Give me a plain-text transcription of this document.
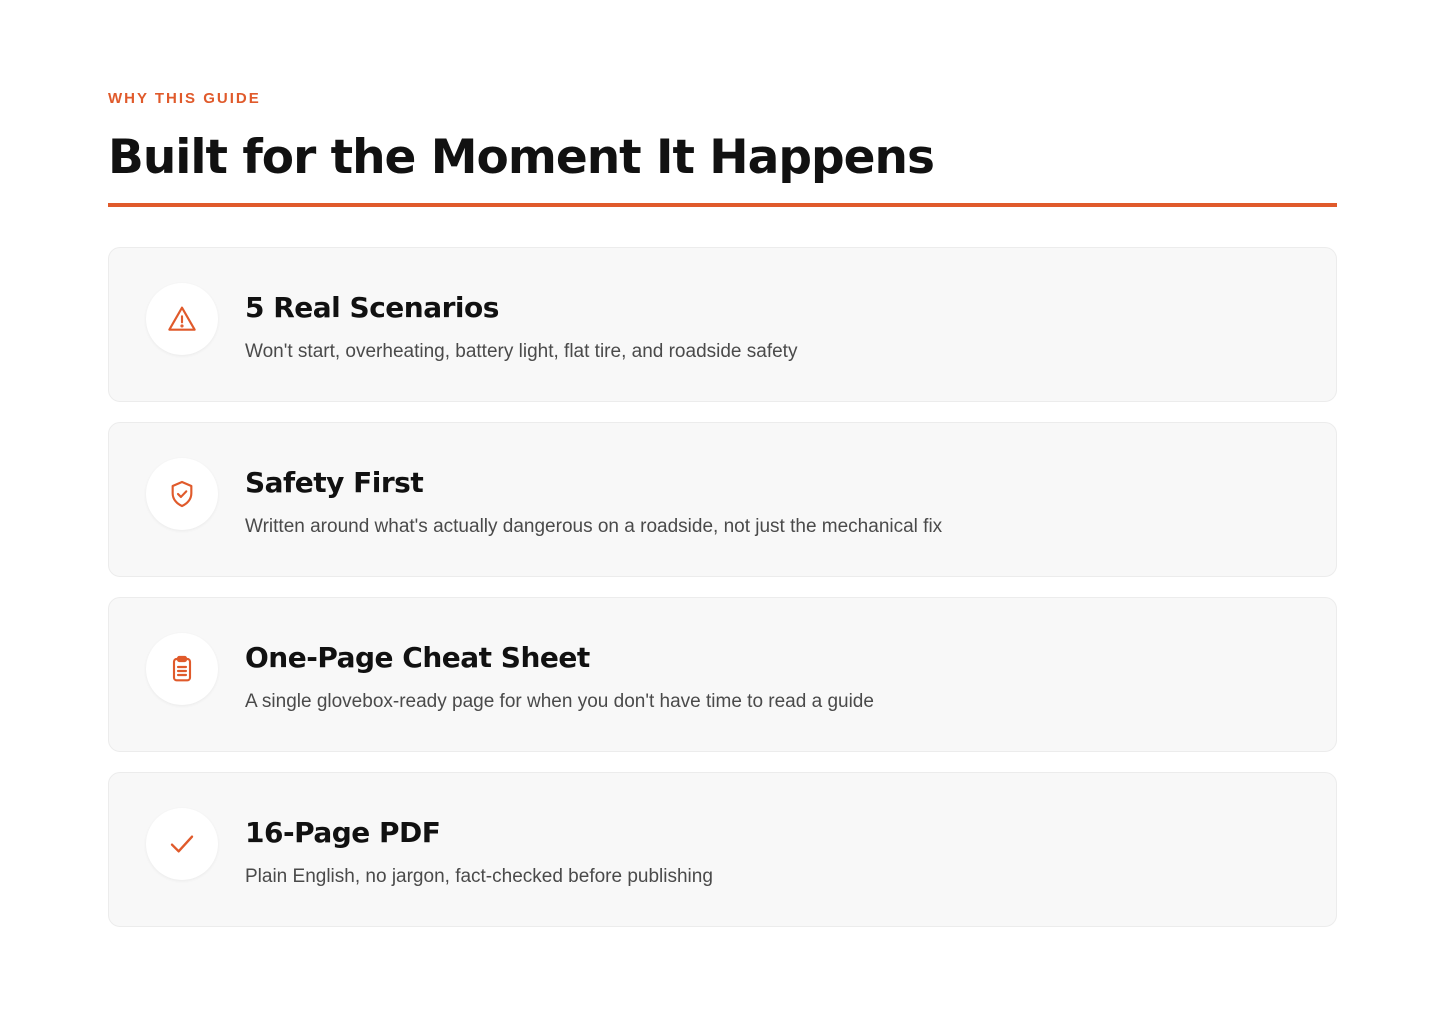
WHY THIS GUIDE

Built for the Moment It Happens
5 Real Scenarios

Won't start, overheating, battery light, flat tire, and roadside safety

Safety First

Written around what's actually dangerous on a roadside, not just the mechanical fix

One-Page Cheat Sheet

A single glovebox-ready page for when you don't have time to read a guide

16-Page PDF

Plain English, no jargon, fact-checked before publishing
